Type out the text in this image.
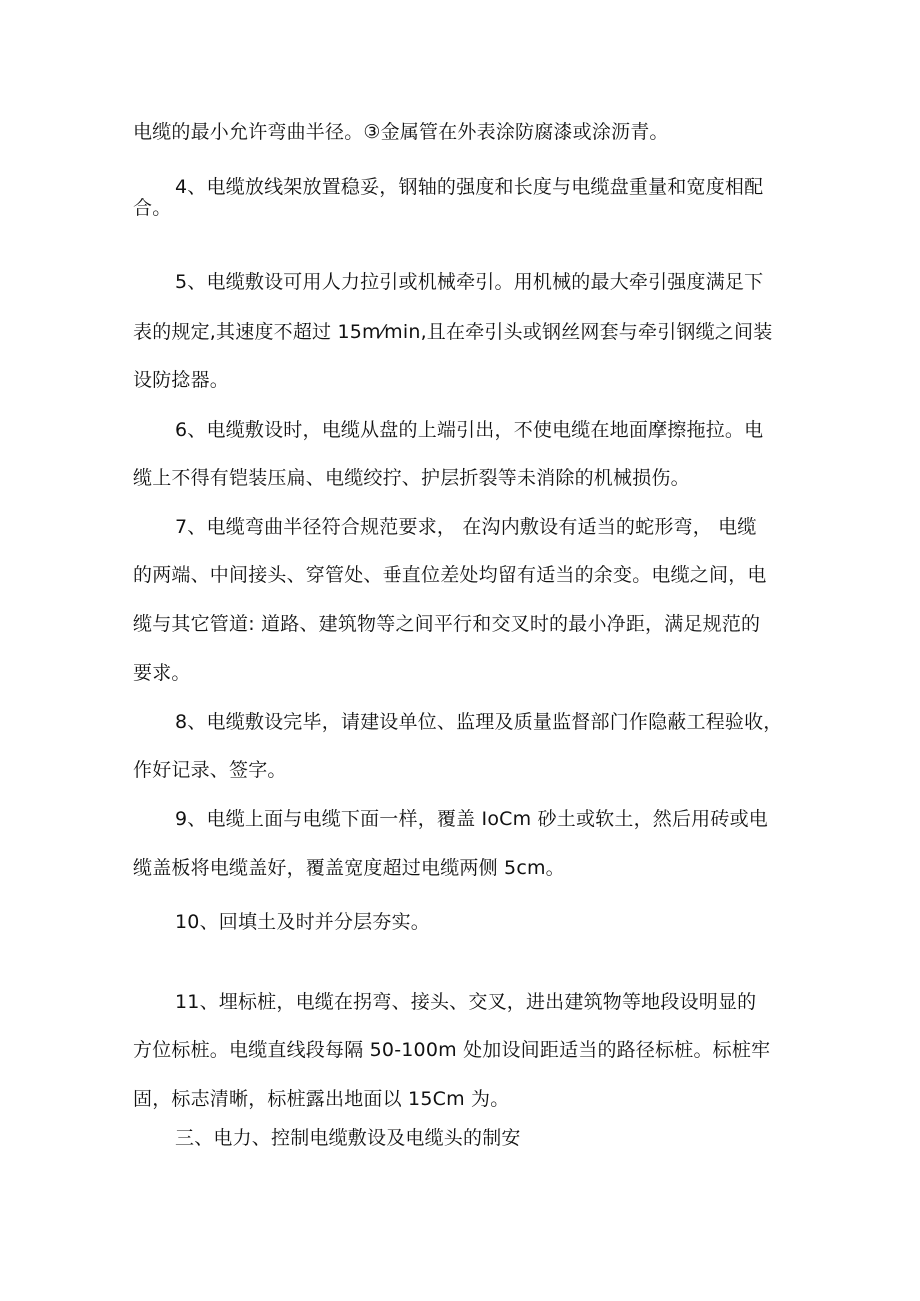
电缆的最小允许弯曲半径。③金属管在外表涂防腐漆或涂沥青。

4、电缆放线架放置稳妥，钢轴的强度和长度与电缆盘重量和宽度相配

合。

5、电缆敷设可用人力拉引或机械牵引。用机械的最大牵引强度满足下

表的规定,其速度不超过 15m⁄min,且在牵引头或钢丝网套与牵引钢缆之间装

设防捻器。

6、电缆敷设时，电缆从盘的上端引出，不使电缆在地面摩擦拖拉。电

缆上不得有铠装压扁、电缆绞拧、护层折裂等未消除的机械损伤。

7、电缆弯曲半径符合规范要求， 在沟内敷设有适当的蛇形弯， 电缆

的两端、中间接头、穿管处、垂直位差处均留有适当的余变。电缆之间，电

缆与其它管道: 道路、建筑物等之间平行和交叉时的最小净距，满足规范的

要求。

8、电缆敷设完毕，请建设单位、监理及质量监督部门作隐蔽工程验收，

作好记录、签字。

9、电缆上面与电缆下面一样，覆盖 IoCm 砂土或软土，然后用砖或电

缆盖板将电缆盖好，覆盖宽度超过电缆两侧 5cm。

10、回填土及时并分层夯实。

11、埋标桩，电缆在拐弯、接头、交叉，进出建筑物等地段设明显的

方位标桩。电缆直线段每隔 50-100m 处加设间距适当的路径标桩。标桩牢

固，标志清晰，标桩露出地面以 15Cm 为。

三、电力、控制电缆敷设及电缆头的制安
